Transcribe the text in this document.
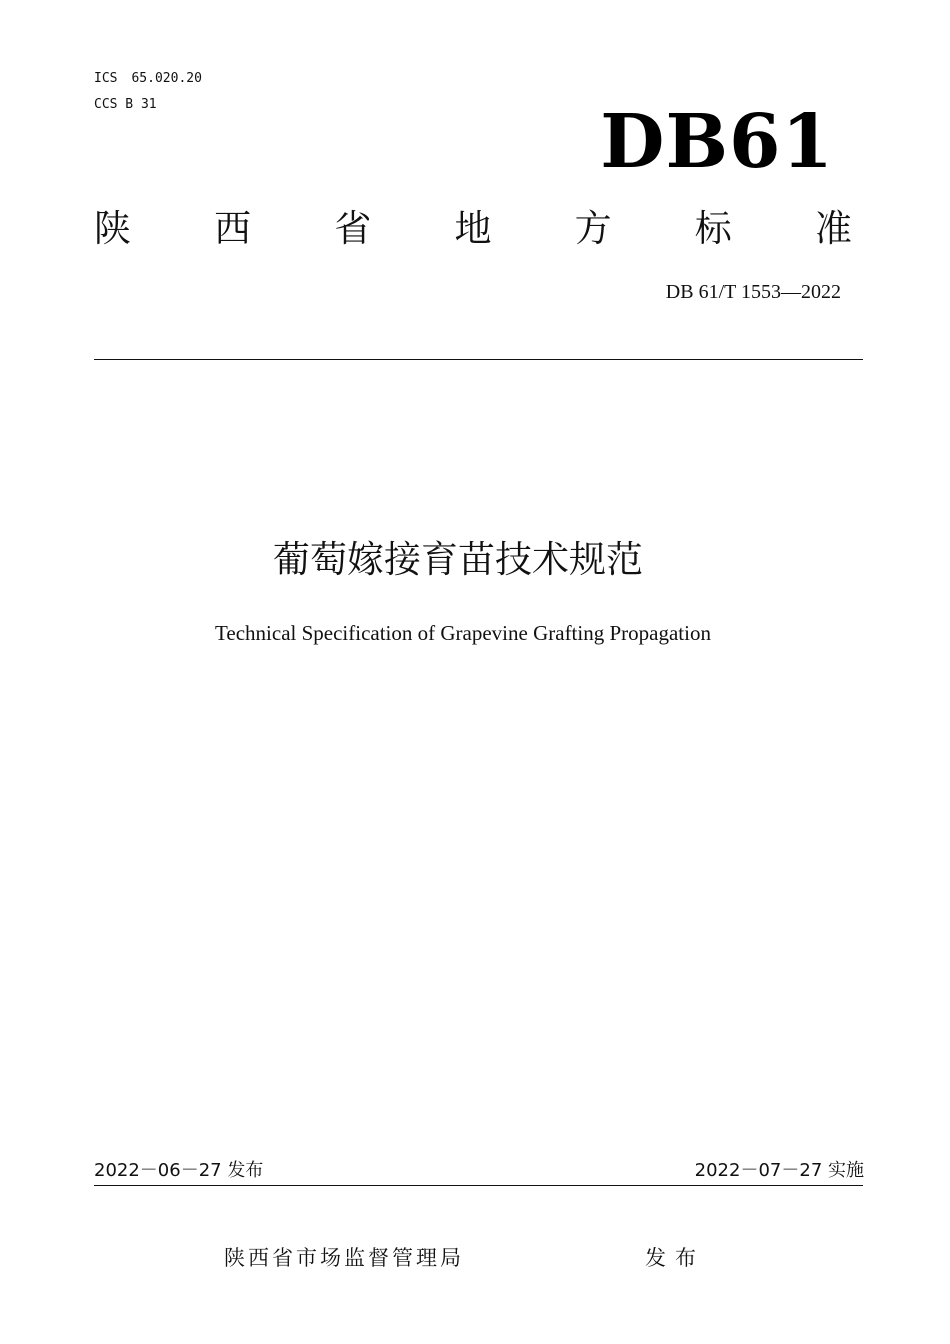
ICS 65.020.20
CCS B 31	DB61
陕 西 省 地 方 标 准
DB 61/T 1553—2022
葡萄嫁接育苗技术规范
Technical Specification of Grapevine Grafting Propagation
2022－06－27 发布	2022－07－27 实施
陕西省市场监督管理局	发布
